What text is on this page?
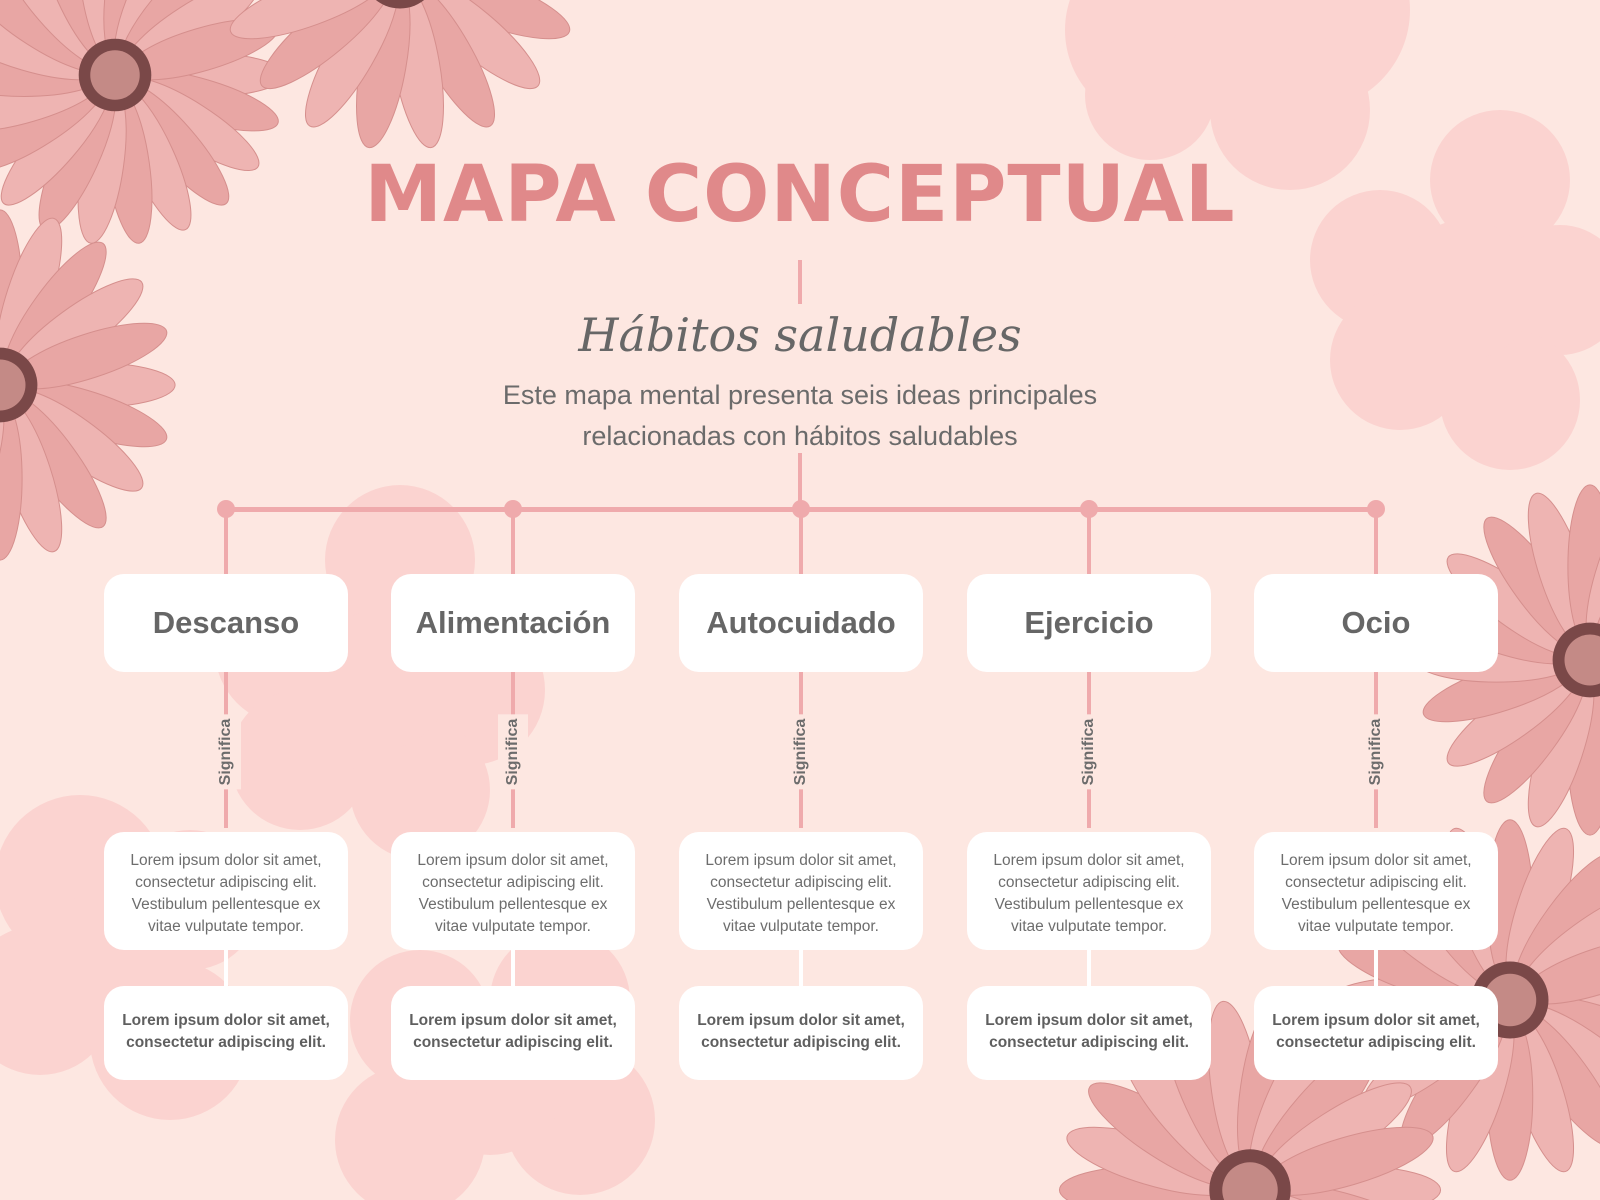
MAPA CONCEPTUAL
Hábitos saludables
Este mapa mental presenta seis ideas principales
relacionadas con hábitos saludables
Descanso
Significa
Lorem ipsum dolor sit amet,
consectetur adipiscing elit.
Vestibulum pellentesque ex
vitae vulputate tempor.
Lorem ipsum dolor sit amet,
consectetur adipiscing elit.
Alimentación
Significa
Lorem ipsum dolor sit amet,
consectetur adipiscing elit.
Vestibulum pellentesque ex
vitae vulputate tempor.
Lorem ipsum dolor sit amet,
consectetur adipiscing elit.
Autocuidado
Significa
Lorem ipsum dolor sit amet,
consectetur adipiscing elit.
Vestibulum pellentesque ex
vitae vulputate tempor.
Lorem ipsum dolor sit amet,
consectetur adipiscing elit.
Ejercicio
Significa
Lorem ipsum dolor sit amet,
consectetur adipiscing elit.
Vestibulum pellentesque ex
vitae vulputate tempor.
Lorem ipsum dolor sit amet,
consectetur adipiscing elit.
Ocio
Significa
Lorem ipsum dolor sit amet,
consectetur adipiscing elit.
Vestibulum pellentesque ex
vitae vulputate tempor.
Lorem ipsum dolor sit amet,
consectetur adipiscing elit.
